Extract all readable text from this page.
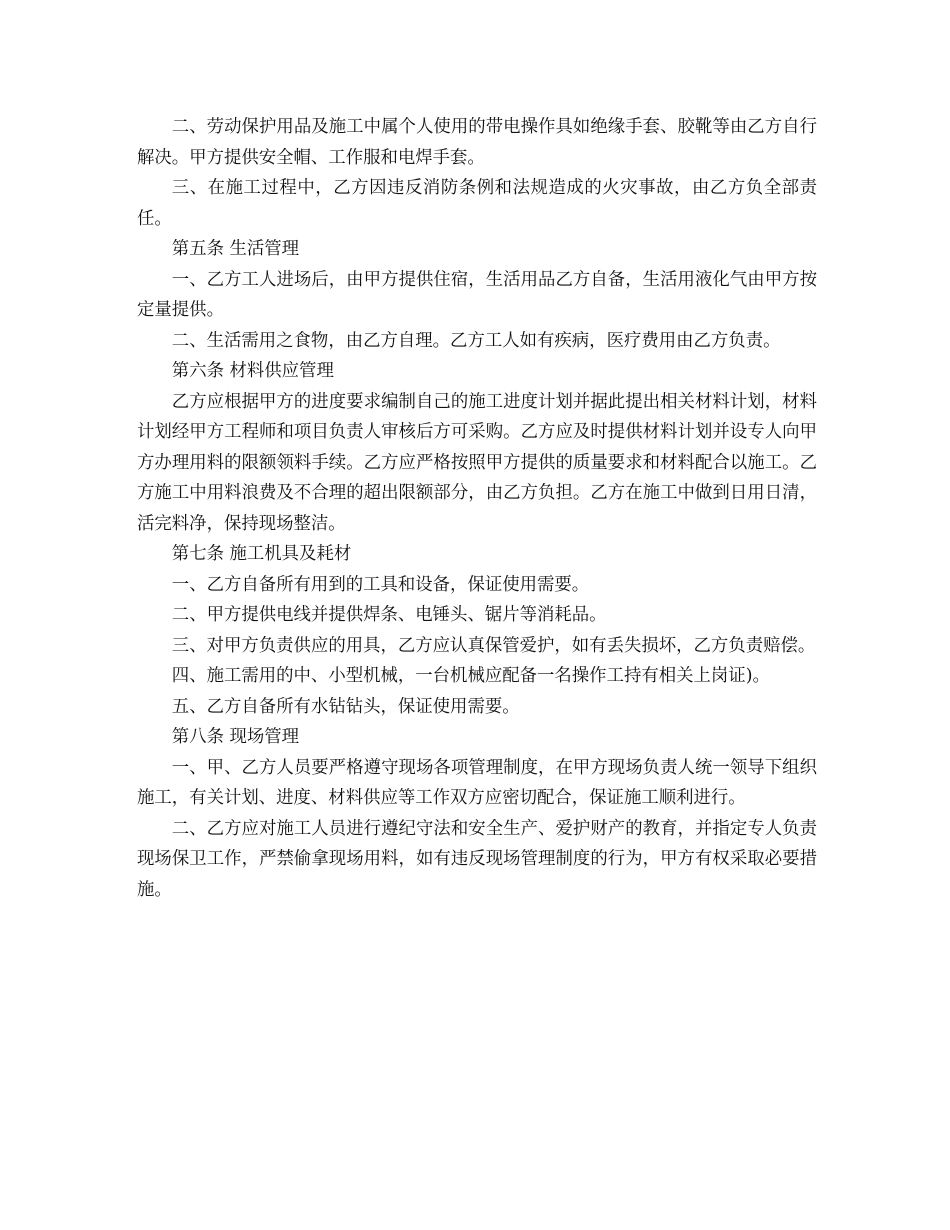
二、劳动保护用品及施工中属个人使用的带电操作具如绝缘手套、胶靴等由乙方自行解决。甲方提供安全帽、工作服和电焊手套。

三、在施工过程中，乙方因违反消防条例和法规造成的火灾事故，由乙方负全部责任。

第五条 生活管理

一、乙方工人进场后，由甲方提供住宿，生活用品乙方自备，生活用液化气由甲方按定量提供。

二、生活需用之食物，由乙方自理。乙方工人如有疾病，医疗费用由乙方负责。

第六条 材料供应管理

乙方应根据甲方的进度要求编制自己的施工进度计划并据此提出相关材料计划，材料计划经甲方工程师和项目负责人审核后方可采购。乙方应及时提供材料计划并设专人向甲方办理用料的限额领料手续。乙方应严格按照甲方提供的质量要求和材料配合以施工。乙方施工中用料浪费及不合理的超出限额部分，由乙方负担。乙方在施工中做到日用日清，活完料净，保持现场整洁。

第七条 施工机具及耗材

一、乙方自备所有用到的工具和设备，保证使用需要。

二、甲方提供电线并提供焊条、电锤头、锯片等消耗品。

三、对甲方负责供应的用具，乙方应认真保管爱护，如有丢失损坏，乙方负责赔偿。

四、施工需用的中、小型机械，一台机械应配备一名操作工持有相关上岗证)。

五、乙方自备所有水钻钻头，保证使用需要。

第八条 现场管理

一、甲、乙方人员要严格遵守现场各项管理制度，在甲方现场负责人统一领导下组织施工，有关计划、进度、材料供应等工作双方应密切配合，保证施工顺利进行。

二、乙方应对施工人员进行遵纪守法和安全生产、爱护财产的教育，并指定专人负责现场保卫工作，严禁偷拿现场用料，如有违反现场管理制度的行为，甲方有权采取必要措施。
